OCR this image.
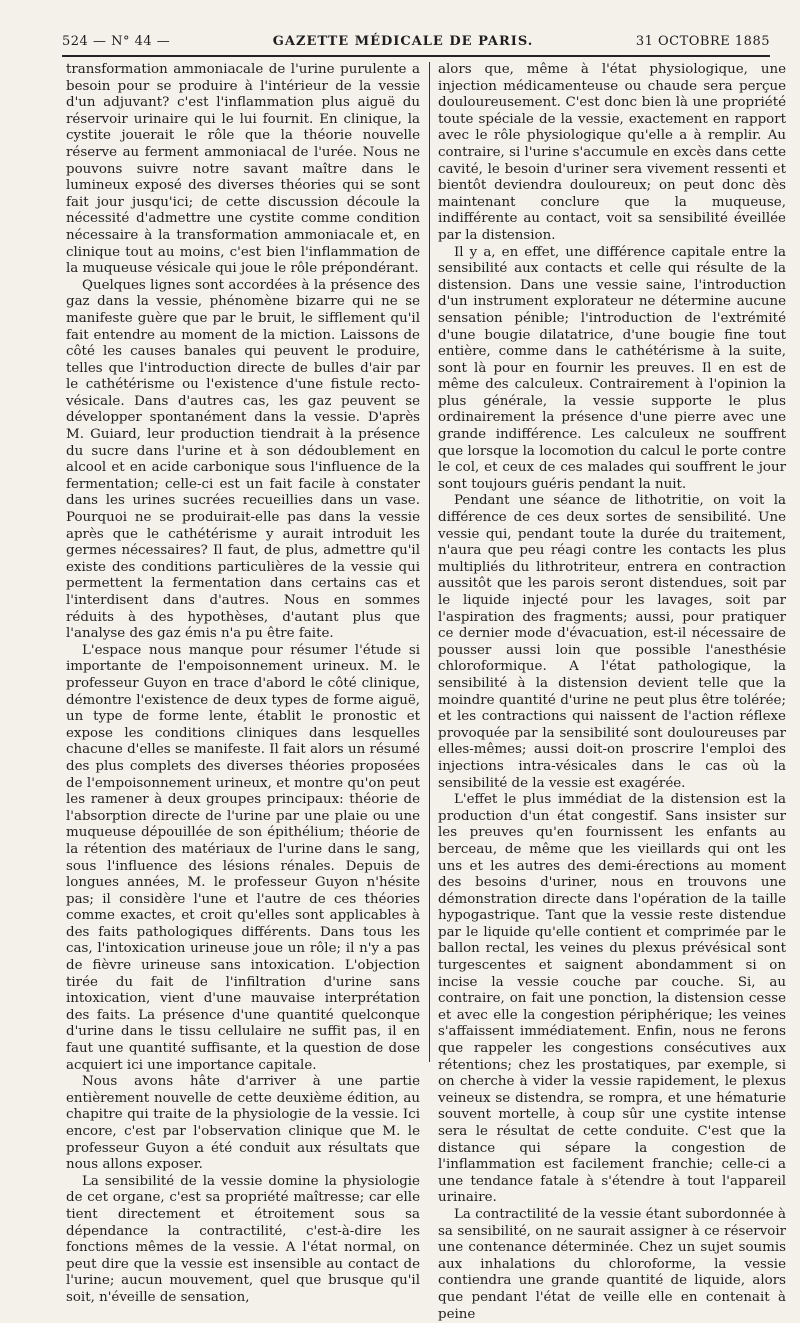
524 — N° 44 —	GAZETTE MÉDICALE DE PARIS.	31 OCTOBRE 1885

transformation ammoniacale de l'urine purulente a besoin pour se produire à l'intérieur de la vessie d'un adjuvant? c'est l'inflammation plus aiguë du réservoir urinaire qui le lui fournit. En clinique, la cystite jouerait le rôle que la théorie nouvelle réserve au ferment ammoniacal de l'urée. Nous ne pouvons suivre notre savant maître dans le lumineux exposé des diverses théories qui se sont fait jour jusqu'ici; de cette discussion découle la nécessité d'admettre une cystite comme condition nécessaire à la transformation ammoniacale et, en clinique tout au moins, c'est bien l'inflammation de la muqueuse vésicale qui joue le rôle prépondérant.

Quelques lignes sont accordées à la présence des gaz dans la vessie, phénomène bizarre qui ne se manifeste guère que par le bruit, le sifflement qu'il fait entendre au moment de la miction. Laissons de côté les causes banales qui peuvent le produire, telles que l'introduction directe de bulles d'air par le cathétérisme ou l'existence d'une fistule recto-vésicale. Dans d'autres cas, les gaz peuvent se développer spontanément dans la vessie. D'après M. Guiard, leur production tiendrait à la présence du sucre dans l'urine et à son dédoublement en alcool et en acide carbonique sous l'influence de la fermentation; celle-ci est un fait facile à constater dans les urines sucrées recueillies dans un vase. Pourquoi ne se produirait-elle pas dans la vessie après que le cathétérisme y aurait introduit les germes nécessaires? Il faut, de plus, admettre qu'il existe des conditions particulières de la vessie qui permettent la fermentation dans certains cas et l'interdisent dans d'autres. Nous en sommes réduits à des hypothèses, d'autant plus que l'analyse des gaz émis n'a pu être faite.

L'espace nous manque pour résumer l'étude si importante de l'empoisonnement urineux. M. le professeur Guyon en trace d'abord le côté clinique, démontre l'existence de deux types de forme aiguë, un type de forme lente, établit le pronostic et expose les conditions cliniques dans lesquelles chacune d'elles se manifeste. Il fait alors un résumé des plus complets des diverses théories proposées de l'empoisonnement urineux, et montre qu'on peut les ramener à deux groupes principaux: théorie de l'absorption directe de l'urine par une plaie ou une muqueuse dépouillée de son épithélium; théorie de la rétention des matériaux de l'urine dans le sang, sous l'influence des lésions rénales. Depuis de longues années, M. le professeur Guyon n'hésite pas; il considère l'une et l'autre de ces théories comme exactes, et croit qu'elles sont applicables à des faits pathologiques différents. Dans tous les cas, l'intoxication urineuse joue un rôle; il n'y a pas de fièvre urineuse sans intoxication. L'objection tirée du fait de l'infiltration d'urine sans intoxication, vient d'une mauvaise interprétation des faits. La présence d'une quantité quelconque d'urine dans le tissu cellulaire ne suffit pas, il en faut une quantité suffisante, et la question de dose acquiert ici une importance capitale.

Nous avons hâte d'arriver à une partie entièrement nouvelle de cette deuxième édition, au chapitre qui traite de la physiologie de la vessie. Ici encore, c'est par l'observation clinique que M. le professeur Guyon a été conduit aux résultats que nous allons exposer.

La sensibilité de la vessie domine la physiologie de cet organe, c'est sa propriété maîtresse; car elle tient directement et étroitement sous sa dépendance la contractilité, c'est-à-dire les fonctions mêmes de la vessie. A l'état normal, on peut dire que la vessie est insensible au contact de l'urine; aucun mouvement, quel que brusque qu'il soit, n'éveille de sensation,

alors que, même à l'état physiologique, une injection médicamenteuse ou chaude sera perçue douloureusement. C'est donc bien là une propriété toute spéciale de la vessie, exactement en rapport avec le rôle physiologique qu'elle a à remplir. Au contraire, si l'urine s'accumule en excès dans cette cavité, le besoin d'uriner sera vivement ressenti et bientôt deviendra douloureux; on peut donc dès maintenant conclure que la muqueuse, indifférente au contact, voit sa sensibilité éveillée par la distension.

Il y a, en effet, une différence capitale entre la sensibilité aux contacts et celle qui résulte de la distension. Dans une vessie saine, l'introduction d'un instrument explorateur ne détermine aucune sensation pénible; l'introduction de l'extrémité d'une bougie dilatatrice, d'une bougie fine tout entière, comme dans le cathétérisme à la suite, sont là pour en fournir les preuves. Il en est de même des calculeux. Contrairement à l'opinion la plus générale, la vessie supporte le plus ordinairement la présence d'une pierre avec une grande indifférence. Les calculeux ne souffrent que lorsque la locomotion du calcul le porte contre le col, et ceux de ces malades qui souffrent le jour sont toujours guéris pendant la nuit.

Pendant une séance de lithotritie, on voit la différence de ces deux sortes de sensibilité. Une vessie qui, pendant toute la durée du traitement, n'aura que peu réagi contre les contacts les plus multipliés du lithrotriteur, entrera en contraction aussitôt que les parois seront distendues, soit par le liquide injecté pour les lavages, soit par l'aspiration des fragments; aussi, pour pratiquer ce dernier mode d'évacuation, est-il nécessaire de pousser aussi loin que possible l'anesthésie chloroformique. A l'état pathologique, la sensibilité à la distension devient telle que la moindre quantité d'urine ne peut plus être tolérée; et les contractions qui naissent de l'action réflexe provoquée par la sensibilité sont douloureuses par elles-mêmes; aussi doit-on proscrire l'emploi des injections intra-vésicales dans le cas où la sensibilité de la vessie est exagérée.

L'effet le plus immédiat de la distension est la production d'un état congestif. Sans insister sur les preuves qu'en fournissent les enfants au berceau, de même que les vieillards qui ont les uns et les autres des demi-érections au moment des besoins d'uriner, nous en trouvons une démonstration directe dans l'opération de la taille hypogastrique. Tant que la vessie reste distendue par le liquide qu'elle contient et comprimée par le ballon rectal, les veines du plexus prévésical sont turgescentes et saignent abondamment si on incise la vessie couche par couche. Si, au contraire, on fait une ponction, la distension cesse et avec elle la congestion périphérique; les veines s'affaissent immédiatement. Enfin, nous ne ferons que rappeler les congestions consécutives aux rétentions; chez les prostatiques, par exemple, si on cherche à vider la vessie rapidement, le plexus veineux se distendra, se rompra, et une hématurie souvent mortelle, à coup sûr une cystite intense sera le résultat de cette conduite. C'est que la distance qui sépare la congestion de l'inflammation est facilement franchie; celle-ci a une tendance fatale à s'étendre à tout l'appareil urinaire.

La contractilité de la vessie étant subordonnée à sa sensibilité, on ne saurait assigner à ce réservoir une contenance déterminée. Chez un sujet soumis aux inhalations du chloroforme, la vessie contiendra une grande quantité de liquide, alors que pendant l'état de veille elle en contenait à peine
